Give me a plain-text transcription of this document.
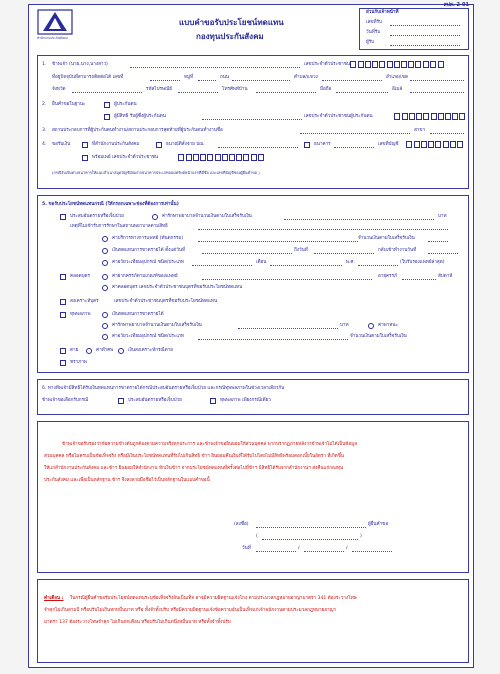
สำนักงานประกันสังคม
สปส. 2-01
แบบคำขอรับประโยชน์ทดแทน
กองทุนประกันสังคม
ส่วนรับเจ้าหน้าที่
เลขที่รับ
วันที่รับ
ผู้รับ
1. ข้าพเจ้า (นาย,นาง,นางสาว)	เลขประจำตัวประชาชน
ที่อยู่ปัจจุบันที่สามารถติดต่อได้ เลขที่	หมู่ที่	ถนน	ตำบล/แขวง	อำเภอ/เขต
จังหวัด	รหัสไปรษณีย์	โทรศัพท์บ้าน	มือถือ	อีเมล์
2. ยื่นคำขอในฐานะ	ผู้ประกันตน
ผู้มีสิทธิ รับผู้ซึ่งผู้ประกันตน	เลขประจำตัวประชาชนผู้ประกันตน
3. สถานประกอบการที่ผู้ประกันตนทำงาน/สถานประกอบการสุดท้ายที่ผู้ประกันตนทำงานชื่อ	สาขา
4. ขอรับเงิน	ที่สำนักงานประกันสังคม	ธนาณัติสั่งจ่าย ปณ.	ธนาคาร	เลขที่บัญชี
พร้อมเพย์ เลขประจำตัวประชาชน
(กรณีรับเงินทางธนาคารให้แนบสำเนาสมุดบัญชีเงินฝากธนาคารประเภทออมทรัพย์หน้าแรกที่มีชื่อ และเลขที่บัญชีของผู้ยื่นคำขอ )
5. ขอรับประโยชน์ทดแทนกรณี (ให้กรอกเฉพาะช่องที่ต้องการเท่านั้น)
ประสบอันตรายหรือเจ็บป่วย	ค่ารักษาพยาบาลจำนวนเงินตามใบเสร็จรับเงิน	บาท
เหตุที่ไม่เข้ารับการรักษาในสถานพยาบาลตามสิทธิ
ค่าบริการทางการแพทย์ (ทันตกรรม)	จำนวนเงินตามใบเสร็จรับเงิน
เงินทดแทนการขาดรายได้ ตั้งแต่วันที่	ถึงวันที่	กลับเข้าทำงานวันที่
ค่าอวัยวะเทียมอุปกรณ์ ชนิด/ประเภท	เดือน	พ.ศ.	(ใบรับรองแพทย์ล่าสุด)
คลอดบุตร	ค่าฝากครรภ์ตามเกณฑ์ของแพทย์	อายุครรภ์	สัปดาห์
ค่าคลอดบุตร เลขประจำตัวประชาชนบุตรที่ขอรับประโยชน์ทดแทน
สงเคราะห์บุตร	เลขประจำตัวประชาชนบุตรที่ขอรับประโยชน์ทดแทน
ทุพพลภาพ	เงินทดแทนการขาดรายได้
ค่ารักษาพยาบาลจำนวนเงินตามใบเสร็จรับเงิน	บาท	ค่าพาหนะ
ค่าอวัยวะเทียมอุปกรณ์ ชนิด/ประเภท	จำนวนเงินตามใบเสร็จรับเงิน
ตาย	ค่าทำศพ	เงินสงเคราะห์กรณีตาย
ชราภาพ
6. ทางทีพเจ้ามีสิทธิได้รับเงินทดแทนการขาดรายได้กรณีประสบอันตรายหรือเจ็บป่วย และกรณีทุพพลภาพในช่วงเวลาเดียวกัน
ข้าพเจ้าขอเลือกรับกรณี	ประสบอันตรายหรือเจ็บป่วย	ทุพพลภาพ เพียงกรณีเดียว
ข้าพเจ้าขอรับรองว่าข้อความข้างต้นถูกต้องตามความจริงทุกประการ และข้าพเจ้าขอยินยอมให้ส่วนบุคคล พากปรากฏภายหลังว่าข้าพเจ้าไม่ได้เป็นข้อมูล
ส่วนบุคคล หรือไม่ครบเป็นข้อเท็จจริง หรือมีเงินประโยชน์ทดแทนที่รับไปเกินสิทธิ ข้าฯ ยินยอมคืนเงินที่ได้รับไปโดยไม่มีสิทธิพร้อมดอกเบี้ยในอัตรา ที่เกิดขึ้น
ให้แก่สำนักงานประกันสังคม และข้าฯ ยินยอมให้สำนักงาน หักเงินข้าฯ จากประโยชน์ทดแทนที่ครั้งต่อไปที่ข้าฯ มีสิทธิได้รับจากสำนักงานฯ ส่งคืนแก่กองทุน
ประกันสังคม และเพื่อเป็นหลักฐาน ข้าฯ จึงลงลายมือชื่อไว้เป็นหลักฐานในแบบคำขอนี้
(ลงชื่อ)	ผู้ยื่นคำขอ
(	)
วันที่	/	/
คำเตือน : ในกรณีผู้ยื่นคำขอรับประโยชน์ทดแทนระบุข้อเท็จจริงอันเป็นเท็จ อาจมีความผิดฐานแจ้งโกง ตามประมวลกฎหมายอาญามาตรา 341 ต้องระวางโทษ
จำคุกไม่เกินสามปี หรือปรับไม่เกินหกหมื่นบาท หรือ ทั้งจำทั้งปรับ หรือมีความผิดฐานแจ้งข้อความอันเป็นเท็จแก่เจ้าพนักงานตามประมวลกฎหมายอาญา
มาตรา 137 ต้องระวางโทษจำคุก ไม่เกินหกเดือน หรือปรับไม่เกินหนึ่งหมื่นบาท หรือทั้งจำทั้งปรับ
